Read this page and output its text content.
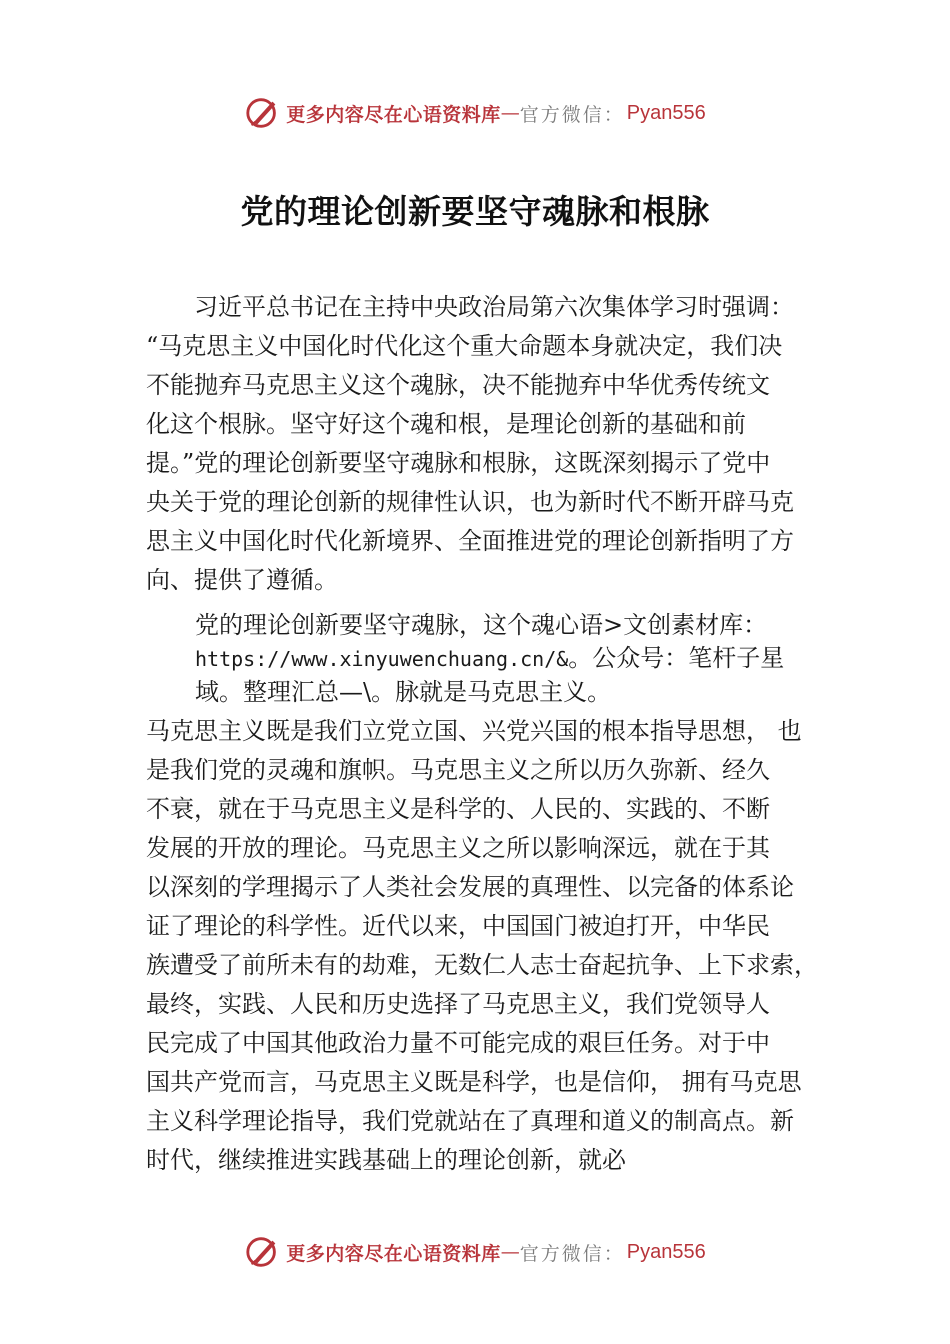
更多内容尽在心语资料库 — 官方微信： Pyan556
党的理论创新要坚守魂脉和根脉
习近平总书记在主持中央政治局第六次集体学习时强调：
“马克思主义中国化时代化这个重大命题本身就决定，我们决
不能抛弃马克思主义这个魂脉，决不能抛弃中华优秀传统文
化这个根脉。坚守好这个魂和根，是理论创新的基础和前
提。”党的理论创新要坚守魂脉和根脉，这既深刻揭示了党中
央关于党的理论创新的规律性认识，也为新时代不断开辟马克
思主义中国化时代化新境界、全面推进党的理论创新指明了方
向、提供了遵循。
党的理论创新要坚守魂脉，这个魂心语>文创素材库：
https://www.xinyuwenchuang.cn/&。公众号：笔杆子星
域。整理汇总—\。脉就是马克思主义。
马克思主义既是我们立党立国、兴党兴国的根本指导思想， 也
是我们党的灵魂和旗帜。马克思主义之所以历久弥新、经久
不衰，就在于马克思主义是科学的、人民的、实践的、不断
发展的开放的理论。马克思主义之所以影响深远，就在于其
以深刻的学理揭示了人类社会发展的真理性、以完备的体系论
证了理论的科学性。近代以来，中国国门被迫打开，中华民
族遭受了前所未有的劫难，无数仁人志士奋起抗争、上下求索，
最终，实践、人民和历史选择了马克思主义，我们党领导人
民完成了中国其他政治力量不可能完成的艰巨任务。对于中
国共产党而言，马克思主义既是科学，也是信仰， 拥有马克思
主义科学理论指导，我们党就站在了真理和道义的制高点。新
时代，继续推进实践基础上的理论创新，就必
更多内容尽在心语资料库 — 官方微信： Pyan556
